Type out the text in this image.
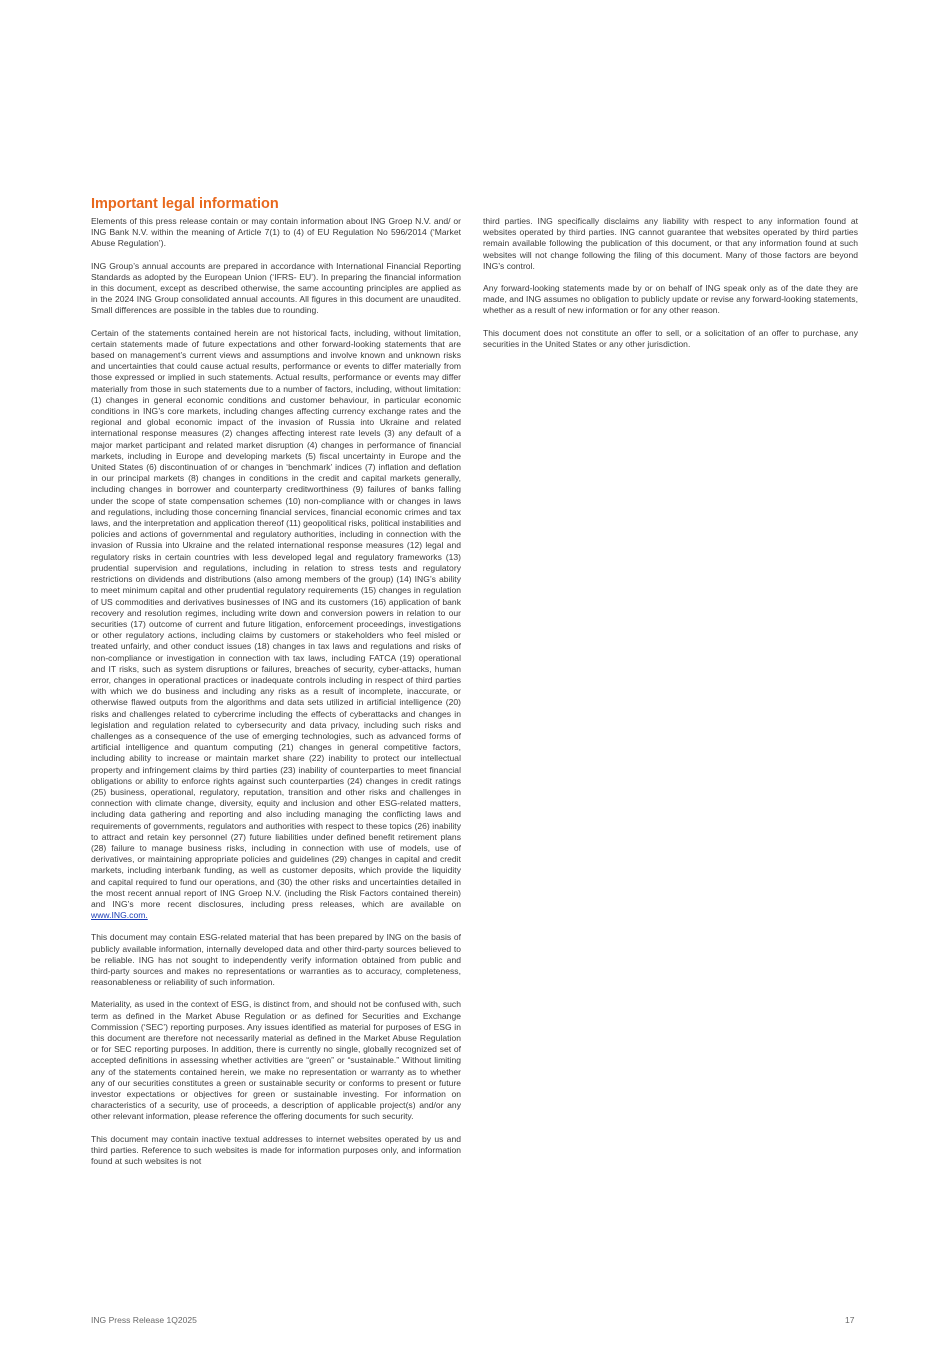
Important legal information

Elements of this press release contain or may contain information about ING Groep N.V. and/ or ING Bank N.V. within the meaning of Article 7(1) to (4) of EU Regulation No 596/2014 (‘Market Abuse Regulation’).

ING Group’s annual accounts are prepared in accordance with International Financial Reporting Standards as adopted by the European Union (‘IFRS- EU’). In preparing the financial information in this document, except as described otherwise, the same accounting principles are applied as in the 2024 ING Group consolidated annual accounts. All figures in this document are unaudited. Small differences are possible in the tables due to rounding.

Certain of the statements contained herein are not historical facts, including, without limitation, certain statements made of future expectations and other forward-looking statements that are based on management’s current views and assumptions and involve known and unknown risks and uncertainties that could cause actual results, performance or events to differ materially from those expressed or implied in such statements. Actual results, performance or events may differ materially from those in such statements due to a number of factors, including, without limitation: (1) changes in general economic conditions and customer behaviour, in particular economic conditions in ING’s core markets, including changes affecting currency exchange rates and the regional and global economic impact of the invasion of Russia into Ukraine and related international response measures (2) changes affecting interest rate levels (3) any default of a major market participant and related market disruption (4) changes in performance of financial markets, including in Europe and developing markets (5) fiscal uncertainty in Europe and the United States (6) discontinuation of or changes in ‘benchmark’ indices (7) inflation and deflation in our principal markets (8) changes in conditions in the credit and capital markets generally, including changes in borrower and counterparty creditworthiness (9) failures of banks falling under the scope of state compensation schemes (10) non-compliance with or changes in laws and regulations, including those concerning financial services, financial economic crimes and tax laws, and the interpretation and application thereof (11) geopolitical risks, political instabilities and policies and actions of governmental and regulatory authorities, including in connection with the invasion of Russia into Ukraine and the related international response measures (12) legal and regulatory risks in certain countries with less developed legal and regulatory frameworks (13) prudential supervision and regulations, including in relation to stress tests and regulatory restrictions on dividends and distributions (also among members of the group) (14) ING’s ability to meet minimum capital and other prudential regulatory requirements (15) changes in regulation of US commodities and derivatives businesses of ING and its customers (16) application of bank recovery and resolution regimes, including write down and conversion powers in relation to our securities (17) outcome of current and future litigation, enforcement proceedings, investigations or other regulatory actions, including claims by customers or stakeholders who feel misled or treated unfairly, and other conduct issues (18) changes in tax laws and regulations and risks of non-compliance or investigation in connection with tax laws, including FATCA (19) operational and IT risks, such as system disruptions or failures, breaches of security, cyber-attacks, human error, changes in operational practices or inadequate controls including in respect of third parties with which we do business and including any risks as a result of incomplete, inaccurate, or otherwise flawed outputs from the algorithms and data sets utilized in artificial intelligence (20) risks and challenges related to cybercrime including the effects of cyberattacks and changes in legislation and regulation related to cybersecurity and data privacy, including such risks and challenges as a consequence of the use of emerging technologies, such as advanced forms of artificial intelligence and quantum computing (21) changes in general competitive factors, including ability to increase or maintain market share (22) inability to protect our intellectual property and infringement claims by third parties (23) inability of counterparties to meet financial obligations or ability to enforce rights against such counterparties (24) changes in credit ratings (25) business, operational, regulatory, reputation, transition and other risks and challenges in connection with climate change, diversity, equity and inclusion and other ESG-related matters, including data gathering and reporting and also including managing the conflicting laws and requirements of governments, regulators and authorities with respect to these topics (26) inability to attract and retain key personnel (27) future liabilities under defined benefit retirement plans (28) failure to manage business risks, including in connection with use of models, use of derivatives, or maintaining appropriate policies and guidelines (29) changes in capital and credit markets, including interbank funding, as well as customer deposits, which provide the liquidity and capital required to fund our operations, and (30) the other risks and uncertainties detailed in the most recent annual report of ING Groep N.V. (including the Risk Factors contained therein) and ING’s more recent disclosures, including press releases, which are available on www.ING.com.

This document may contain ESG-related material that has been prepared by ING on the basis of publicly available information, internally developed data and other third-party sources believed to be reliable. ING has not sought to independently verify information obtained from public and third-party sources and makes no representations or warranties as to accuracy, completeness, reasonableness or reliability of such information.

Materiality, as used in the context of ESG, is distinct from, and should not be confused with, such term as defined in the Market Abuse Regulation or as defined for Securities and Exchange Commission (‘SEC’) reporting purposes. Any issues identified as material for purposes of ESG in this document are therefore not necessarily material as defined in the Market Abuse Regulation or for SEC reporting purposes. In addition, there is currently no single, globally recognized set of accepted definitions in assessing whether activities are “green” or “sustainable.” Without limiting any of the statements contained herein, we make no representation or warranty as to whether any of our securities constitutes a green or sustainable security or conforms to present or future investor expectations or objectives for green or sustainable investing. For information on characteristics of a security, use of proceeds, a description of applicable project(s) and/or any other relevant information, please reference the offering documents for such security.

This document may contain inactive textual addresses to internet websites operated by us and third parties. Reference to such websites is made for information purposes only, and information found at such websites is not

third parties. ING specifically disclaims any liability with respect to any information found at websites operated by third parties. ING cannot guarantee that websites operated by third parties remain available following the publication of this document, or that any information found at such websites will not change following the filing of this document. Many of those factors are beyond ING’s control.

Any forward-looking statements made by or on behalf of ING speak only as of the date they are made, and ING assumes no obligation to publicly update or revise any forward-looking statements, whether as a result of new information or for any other reason.

This document does not constitute an offer to sell, or a solicitation of an offer to purchase, any securities in the United States or any other jurisdiction.

ING Press Release 1Q2025	17
